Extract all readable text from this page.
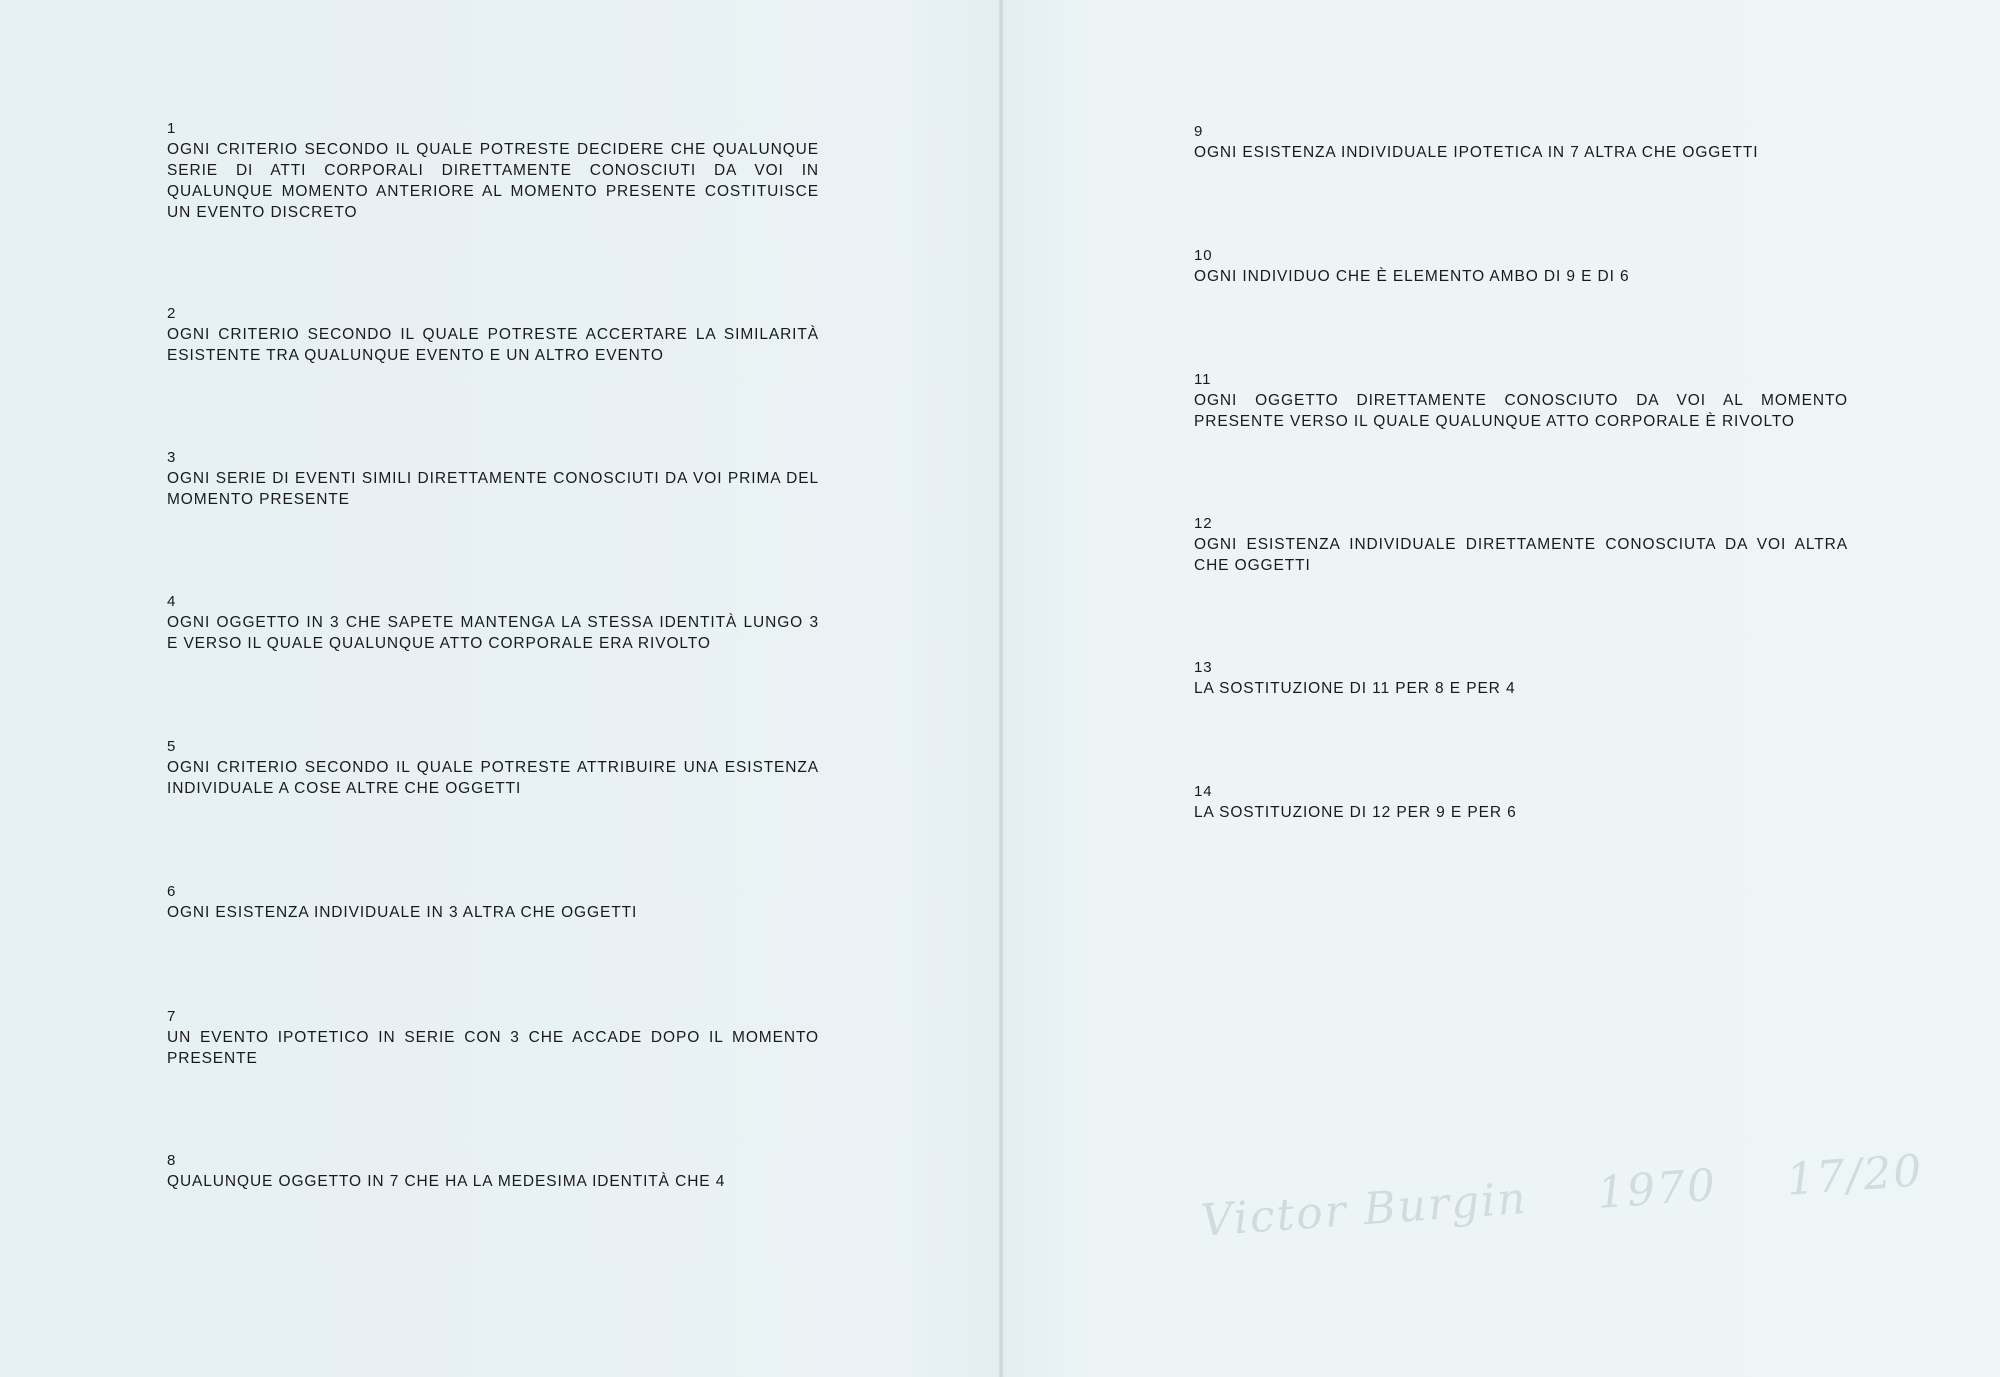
1
OGNI CRITERIO SECONDO IL QUALE POTRESTE DECIDERE CHE QUALUNQUE SERIE DI ATTI CORPORALI DIRETTAMENTE CONOSCIUTI DA VOI IN QUALUNQUE MOMENTO ANTERIORE AL MOMENTO PRESENTE COSTITUISCE UN EVENTO DISCRETO
2
OGNI CRITERIO SECONDO IL QUALE POTRESTE ACCERTARE LA SIMILARITÀ ESISTENTE TRA QUALUNQUE EVENTO E UN ALTRO EVENTO
3
OGNI SERIE DI EVENTI SIMILI DIRETTAMENTE CONOSCIUTI DA VOI PRIMA DEL MOMENTO PRESENTE
4
OGNI OGGETTO IN 3 CHE SAPETE MANTENGA LA STESSA IDENTITÀ LUNGO 3 E VERSO IL QUALE QUALUNQUE ATTO CORPORALE ERA RIVOLTO
5
OGNI CRITERIO SECONDO IL QUALE POTRESTE ATTRIBUIRE UNA ESISTENZA INDIVIDUALE A COSE ALTRE CHE OGGETTI
6
OGNI ESISTENZA INDIVIDUALE IN 3 ALTRA CHE OGGETTI
7
UN EVENTO IPOTETICO IN SERIE CON 3 CHE ACCADE DOPO IL MOMENTO PRESENTE
8
QUALUNQUE OGGETTO IN 7 CHE HA LA MEDESIMA IDENTITÀ CHE 4
9
OGNI ESISTENZA INDIVIDUALE IPOTETICA IN 7 ALTRA CHE OGGETTI
10
OGNI INDIVIDUO CHE È ELEMENTO AMBO DI 9 E DI 6
11
OGNI OGGETTO DIRETTAMENTE CONOSCIUTO DA VOI AL MOMENTO PRESENTE VERSO IL QUALE QUALUNQUE ATTO CORPORALE È RIVOLTO
12
OGNI ESISTENZA INDIVIDUALE DIRETTAMENTE CONOSCIUTA DA VOI ALTRA CHE OGGETTI
13
LA SOSTITUZIONE DI 11 PER 8 E PER 4
14
LA SOSTITUZIONE DI 12 PER 9 E PER 6
Victor Burgin 1970 17/20
